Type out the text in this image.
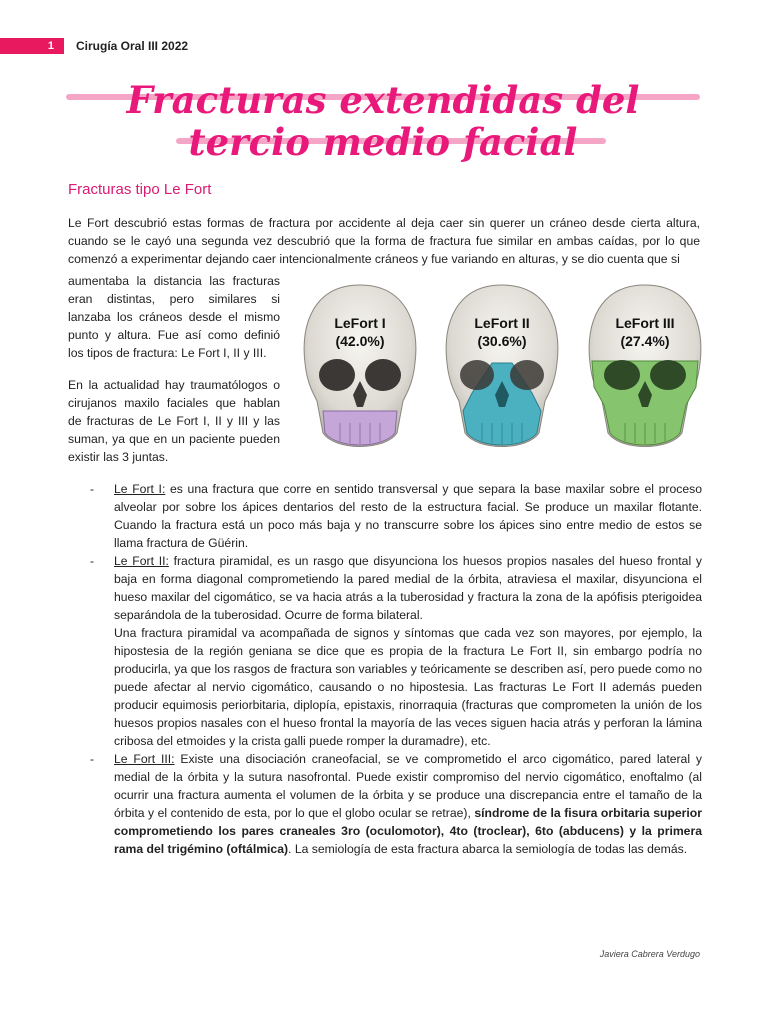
1	Cirugía Oral III 2022
Fracturas extendidas del
tercio medio facial
Fracturas tipo Le Fort
Le Fort descubrió estas formas de fractura por accidente al deja caer sin querer un cráneo desde cierta altura, cuando se le cayó una segunda vez descubrió que la forma de fractura fue similar en ambas caídas, por lo que comenzó a experimentar dejando caer intencionalmente cráneos y fue variando en alturas, y se dio cuenta que si
aumentaba la distancia las fracturas eran distintas, pero similares si lanzaba los cráneos desde el mismo punto y altura. Fue así como definió los tipos de fractura: Le Fort I, II y III.
En la actualidad hay traumatólogos o cirujanos maxilo faciales que hablan de fracturas de Le Fort I, II y III y las suman, ya que en un paciente pueden existir las 3 juntas.
LeFort I
(42.0%)
LeFort II
(30.6%)
LeFort III
(27.4%)
- Le Fort I: es una fractura que corre en sentido transversal y que separa la base maxilar sobre el proceso alveolar por sobre los ápices dentarios del resto de la estructura facial. Se produce un maxilar flotante. Cuando la fractura está un poco más baja y no transcurre sobre los ápices sino entre medio de estos se llama fractura de Güérin.
- Le Fort II: fractura piramidal, es un rasgo que disyunciona los huesos propios nasales del hueso frontal y baja en forma diagonal comprometiendo la pared medial de la órbita, atraviesa el maxilar, disyunciona el hueso maxilar del cigomático, se va hacia atrás a la tuberosidad y fractura la zona de la apófisis pterigoidea separándola de la tuberosidad. Ocurre de forma bilateral.
Una fractura piramidal va acompañada de signos y síntomas que cada vez son mayores, por ejemplo, la hipostesia de la región geniana se dice que es propia de la fractura Le Fort II, sin embargo podría no producirla, ya que los rasgos de fractura son variables y teóricamente se describen así, pero puede como no puede afectar al nervio cigomático, causando o no hipostesia. Las fracturas Le Fort II además pueden producir equimosis periorbitaria, diplopía, epistaxis, rinorraquia (fracturas que comprometen la unión de los huesos propios nasales con el hueso frontal la mayoría de las veces siguen hacia atrás y perforan la lámina cribosa del etmoides y la crista galli puede romper la duramadre), etc.
- Le Fort III: Existe una disociación craneofacial, se ve comprometido el arco cigomático, pared lateral y medial de la órbita y la sutura nasofrontal. Puede existir compromiso del nervio cigomático, enoftalmo (al ocurrir una fractura aumenta el volumen de la órbita y se produce una discrepancia entre el tamaño de la órbita y el contenido de esta, por lo que el globo ocular se retrae), síndrome de la fisura orbitaria superior comprometiendo los pares craneales 3ro (oculomotor), 4to (troclear), 6to (abducens) y la primera rama del trigémino (oftálmica). La semiología de esta fractura abarca la semiología de todas las demás.
Javiera Cabrera Verdugo
